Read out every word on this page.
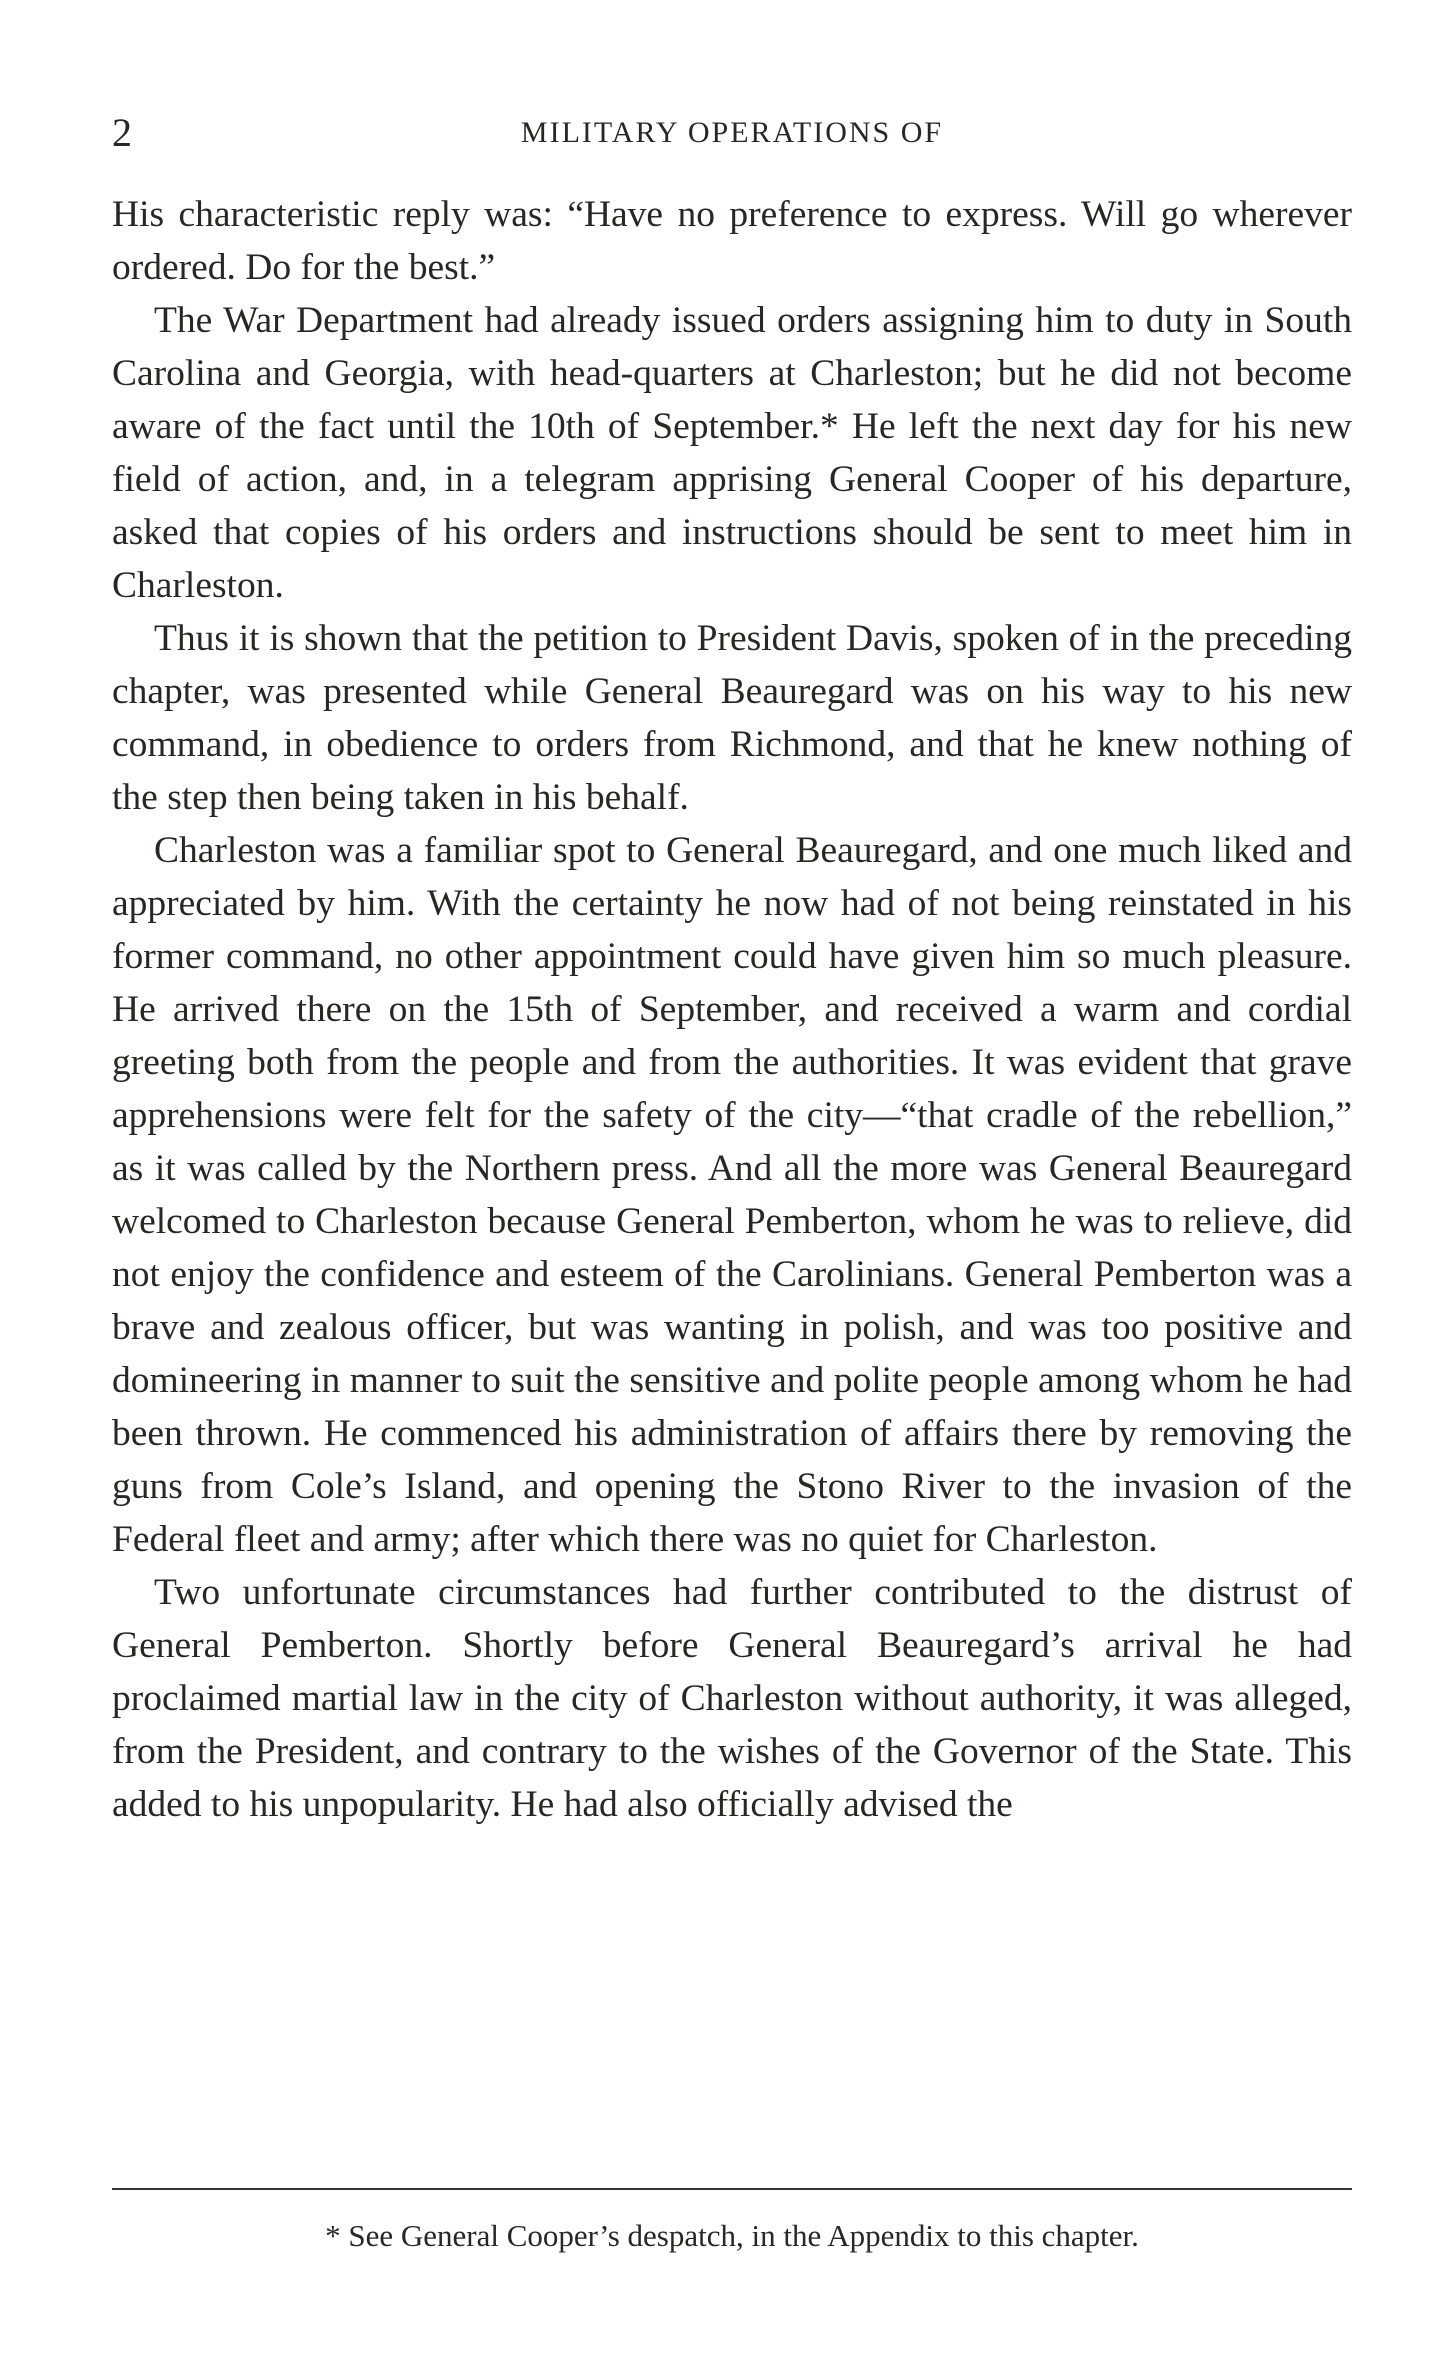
2	MILITARY OPERATIONS OF

His characteristic reply was: “Have no preference to express. Will go wherever ordered. Do for the best.”

The War Department had already issued orders assigning him to duty in South Carolina and Georgia, with head-quarters at Charleston; but he did not become aware of the fact until the 10th of September.* He left the next day for his new field of action, and, in a telegram apprising General Cooper of his departure, asked that copies of his orders and instructions should be sent to meet him in Charleston.

Thus it is shown that the petition to President Davis, spoken of in the preceding chapter, was presented while General Beauregard was on his way to his new command, in obedience to orders from Richmond, and that he knew nothing of the step then being taken in his behalf.

Charleston was a familiar spot to General Beauregard, and one much liked and appreciated by him. With the certainty he now had of not being reinstated in his former command, no other appointment could have given him so much pleasure. He arrived there on the 15th of September, and received a warm and cordial greeting both from the people and from the authorities. It was evident that grave apprehensions were felt for the safety of the city—“that cradle of the rebellion,” as it was called by the Northern press. And all the more was General Beauregard welcomed to Charleston because General Pemberton, whom he was to relieve, did not enjoy the confidence and esteem of the Carolinians. General Pemberton was a brave and zealous officer, but was wanting in polish, and was too positive and domineering in manner to suit the sensitive and polite people among whom he had been thrown. He commenced his administration of affairs there by removing the guns from Cole’s Island, and opening the Stono River to the invasion of the Federal fleet and army; after which there was no quiet for Charleston.

Two unfortunate circumstances had further contributed to the distrust of General Pemberton. Shortly before General Beauregard’s arrival he had proclaimed martial law in the city of Charleston without authority, it was alleged, from the President, and contrary to the wishes of the Governor of the State. This added to his unpopularity. He had also officially advised the

* See General Cooper’s despatch, in the Appendix to this chapter.
